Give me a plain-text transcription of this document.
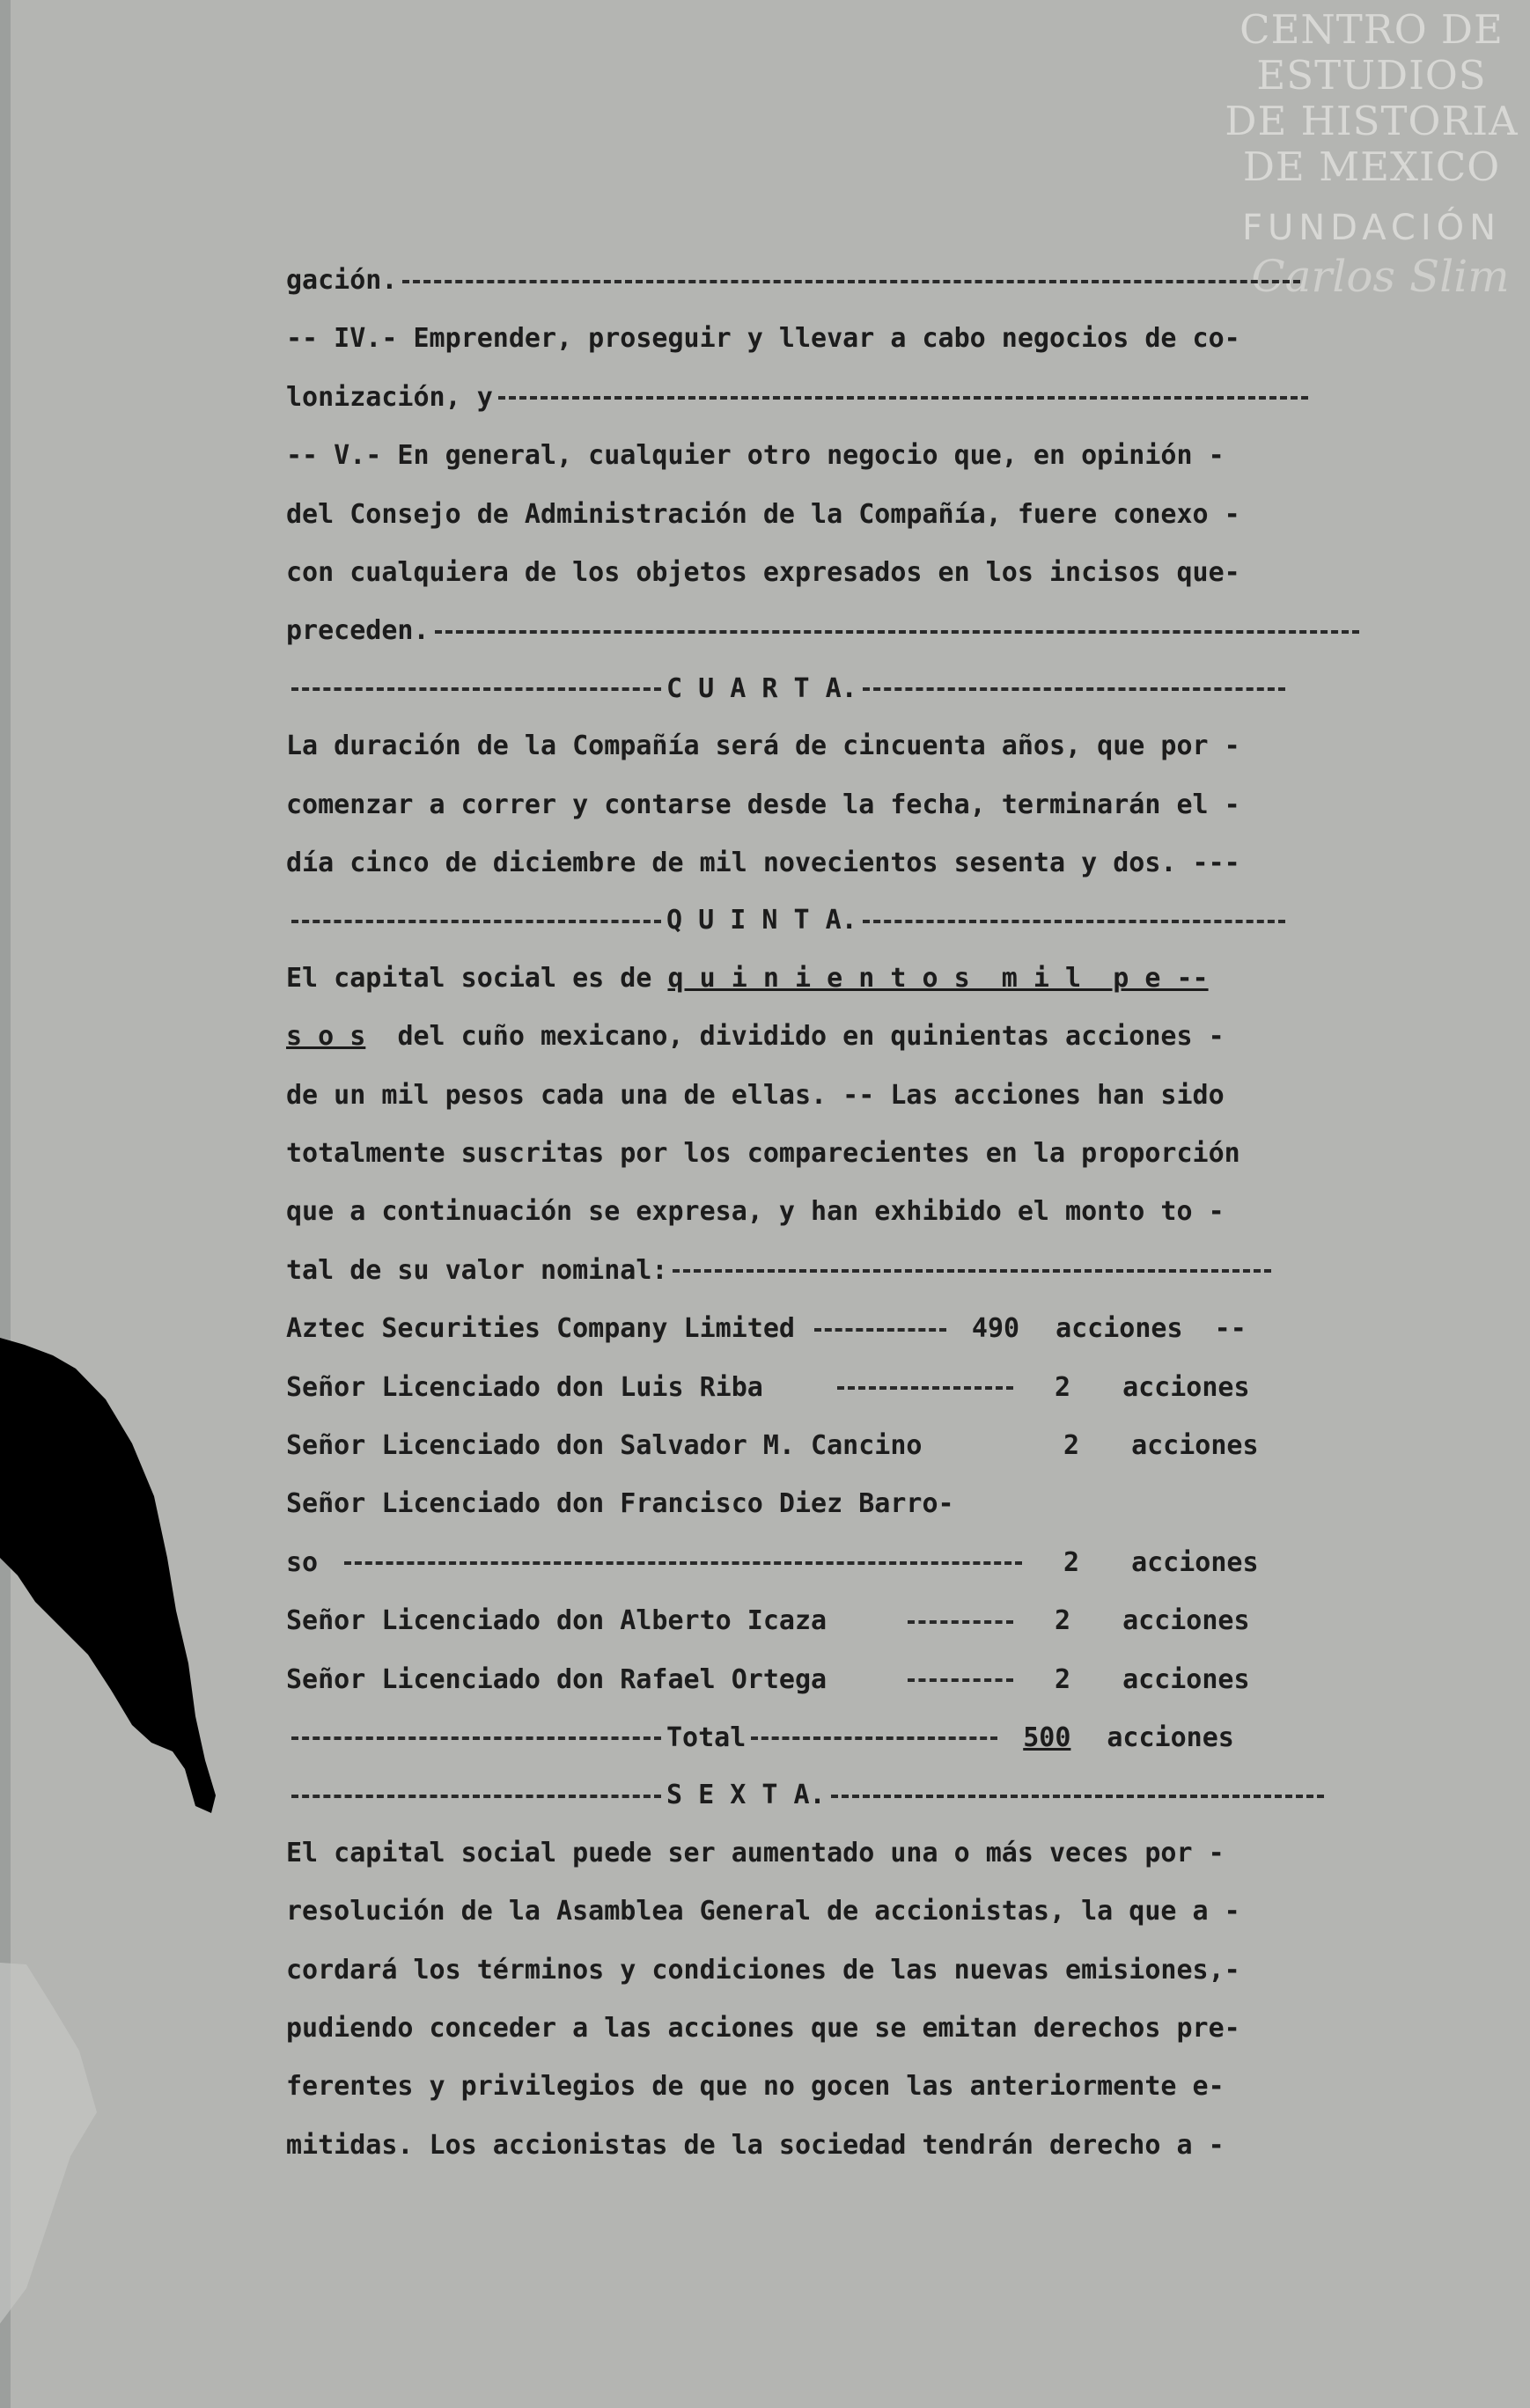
CENTRO DE
ESTUDIOS
DE HISTORIA
DE MEXICO
FUNDACIÓN
Carlos Slim
gación.
-- IV.- Emprender, proseguir y llevar a cabo negocios de co-
lonización, y
-- V.- En general, cualquier otro negocio que, en opinión -
del Consejo de Administración de la Compañía, fuere conexo -
con cualquiera de los objetos expresados en los incisos que-
preceden.
C U A R T A.
La duración de la Compañía será de cincuenta años, que por -
comenzar a correr y contarse desde la fecha, terminarán el -
día cinco de diciembre de mil novecientos sesenta y dos. ---
Q U I N T A.
El capital social es de q u i n i e n t o s  m i l  p e --
s o s del cuño mexicano, dividido en quinientas acciones -
de un mil pesos cada una de ellas. -- Las acciones han sido
totalmente suscritas por los comparecientes en la proporción
que a continuación se expresa, y han exhibido el monto to -
tal de su valor nominal:
Aztec Securities Company Limited	490 acciones  --
Señor Licenciado don Luis Riba	2 acciones
Señor Licenciado don Salvador M. Cancino	2 acciones
Señor Licenciado don Francisco Diez Barro-
so	2 acciones
Señor Licenciado don Alberto Icaza	2 acciones
Señor Licenciado don Rafael Ortega	2 acciones
Total	500 acciones
S E X T A.
El capital social puede ser aumentado una o más veces por -
resolución de la Asamblea General de accionistas, la que a -
cordará los términos y condiciones de las nuevas emisiones,-
pudiendo conceder a las acciones que se emitan derechos pre-
ferentes y privilegios de que no gocen las anteriormente e-
mitidas. Los accionistas de la sociedad tendrán derecho a -
